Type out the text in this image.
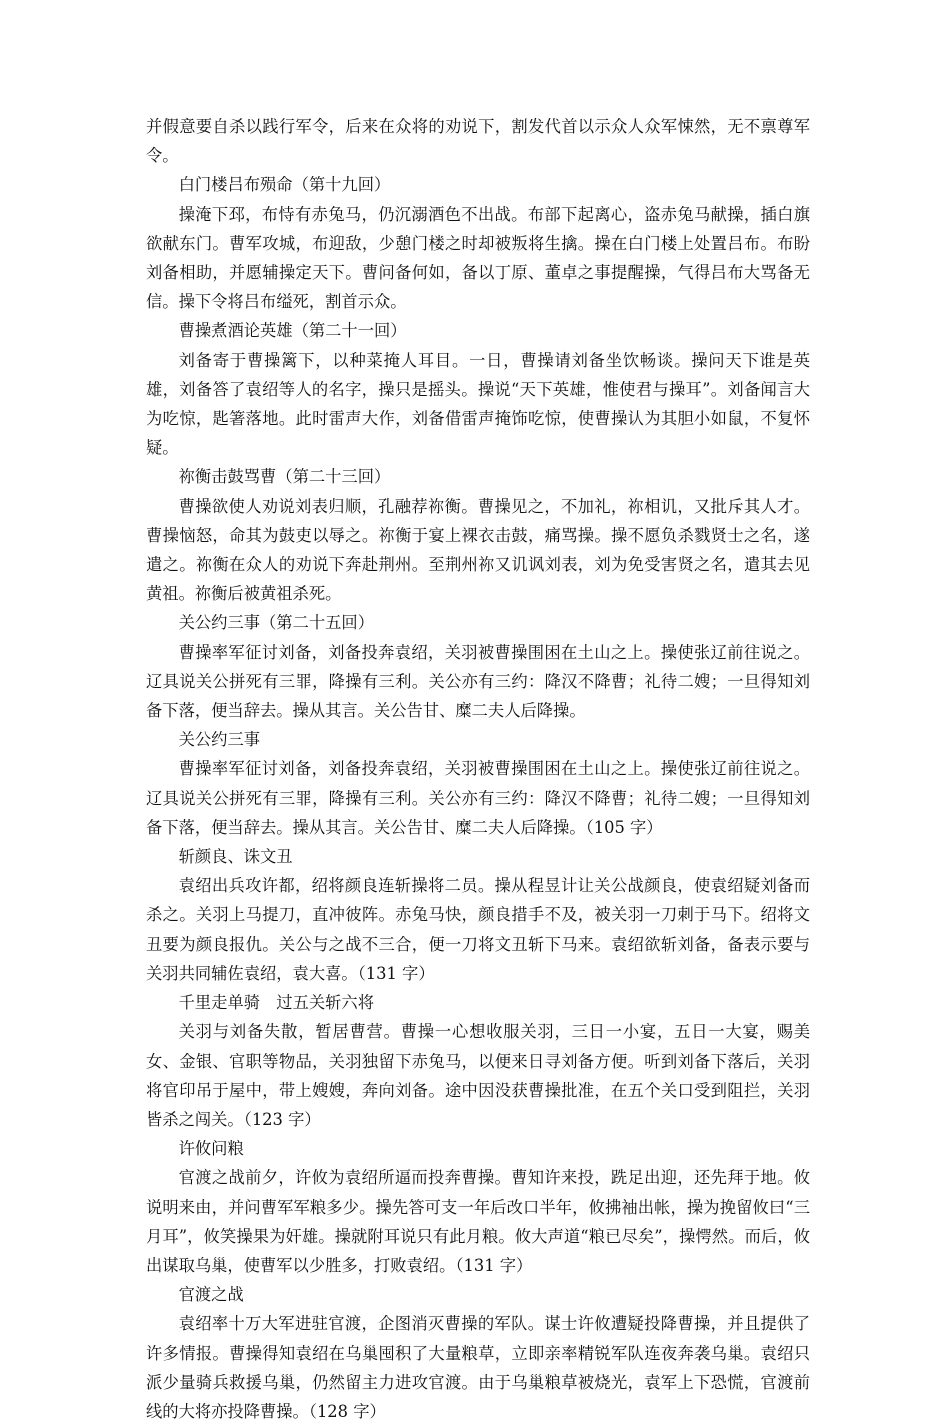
并假意要自杀以践行军令，后来在众将的劝说下，割发代首以示众人众军悚然，无不禀尊军令。

白门楼吕布殒命（第十九回）

操淹下邳，布恃有赤兔马，仍沉溺酒色不出战。布部下起离心，盗赤兔马献操，插白旗欲献东门。曹军攻城，布迎敌，少憩门楼之时却被叛将生擒。操在白门楼上处置吕布。布盼刘备相助，并愿辅操定天下。曹问备何如，备以丁原、董卓之事提醒操，气得吕布大骂备无信。操下令将吕布缢死，割首示众。

曹操煮酒论英雄（第二十一回）

刘备寄于曹操篱下，以种菜掩人耳目。一日，曹操请刘备坐饮畅谈。操问天下谁是英雄，刘备答了袁绍等人的名字，操只是摇头。操说“天下英雄，惟使君与操耳”。刘备闻言大为吃惊，匙箸落地。此时雷声大作，刘备借雷声掩饰吃惊，使曹操认为其胆小如鼠，不复怀疑。

祢衡击鼓骂曹（第二十三回）

曹操欲使人劝说刘表归顺，孔融荐祢衡。曹操见之，不加礼，祢相讥，又批斥其人才。曹操恼怒，命其为鼓吏以辱之。祢衡于宴上裸衣击鼓，痛骂操。操不愿负杀戮贤士之名，遂遣之。祢衡在众人的劝说下奔赴荆州。至荆州祢又讥讽刘表，刘为免受害贤之名，遣其去见黄祖。祢衡后被黄祖杀死。

关公约三事（第二十五回）

曹操率军征讨刘备，刘备投奔袁绍，关羽被曹操围困在土山之上。操使张辽前往说之。辽具说关公拼死有三罪，降操有三利。关公亦有三约：降汉不降曹；礼待二嫂；一旦得知刘备下落，便当辞去。操从其言。关公告甘、糜二夫人后降操。

关公约三事

曹操率军征讨刘备，刘备投奔袁绍，关羽被曹操围困在土山之上。操使张辽前往说之。辽具说关公拼死有三罪，降操有三利。关公亦有三约：降汉不降曹；礼待二嫂；一旦得知刘备下落，便当辞去。操从其言。关公告甘、糜二夫人后降操。（105 字）

斩颜良、诛文丑

袁绍出兵攻许都，绍将颜良连斩操将二员。操从程昱计让关公战颜良，使袁绍疑刘备而杀之。关羽上马提刀，直冲彼阵。赤兔马快，颜良措手不及，被关羽一刀刺于马下。绍将文丑要为颜良报仇。关公与之战不三合，便一刀将文丑斩下马来。袁绍欲斩刘备，备表示要与关羽共同辅佐袁绍，袁大喜。（131 字）

千里走单骑　过五关斩六将

关羽与刘备失散，暂居曹营。曹操一心想收服关羽，三日一小宴，五日一大宴，赐美女、金银、官职等物品，关羽独留下赤兔马，以便来日寻刘备方便。听到刘备下落后，关羽将官印吊于屋中，带上嫂嫂，奔向刘备。途中因没获曹操批准，在五个关口受到阻拦，关羽皆杀之闯关。（123 字）

许攸问粮

官渡之战前夕，许攸为袁绍所逼而投奔曹操。曹知许来投，跣足出迎，还先拜于地。攸说明来由，并问曹军军粮多少。操先答可支一年后改口半年，攸拂袖出帐，操为挽留攸曰“三月耳”，攸笑操果为奸雄。操就附耳说只有此月粮。攸大声道“粮已尽矣”，操愕然。而后，攸出谋取乌巢，使曹军以少胜多，打败袁绍。（131 字）

官渡之战

袁绍率十万大军进驻官渡，企图消灭曹操的军队。谋士许攸遭疑投降曹操，并且提供了许多情报。曹操得知袁绍在乌巢囤积了大量粮草，立即亲率精锐军队连夜奔袭乌巢。袁绍只派少量骑兵救援乌巢，仍然留主力进攻官渡。由于乌巢粮草被烧光，袁军上下恐慌，官渡前线的大将亦投降曹操。（128 字）
